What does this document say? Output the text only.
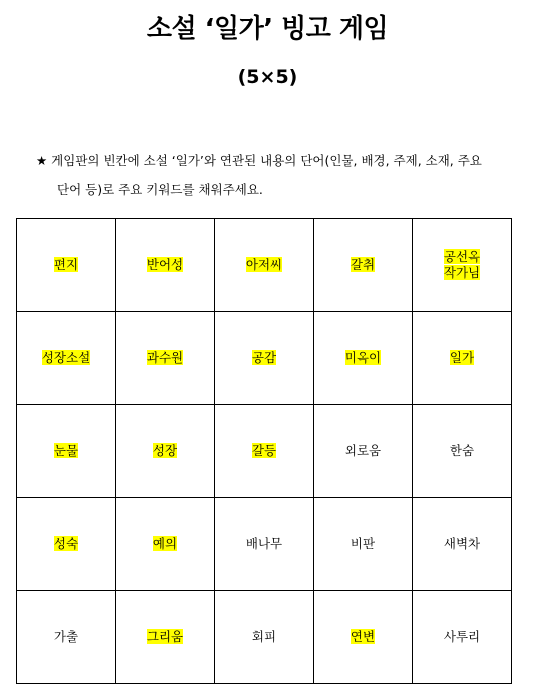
소설 ‘일가’ 빙고 게임
(5×5)
★ 게임판의 빈칸에 소설 ‘일가’와 연관된 내용의 단어(인물, 배경, 주제, 소재, 주요
단어 등)로 주요 키워드를 채워주세요.
편지	반어성	아저씨	갈취	공선옥
작가님
성장소설	과수원	공감	미옥이	일가
눈물	성장	갈등	외로움	한숨
성숙	예의	배나무	비판	새벽차
가출	그리움	회피	연변	사투리
